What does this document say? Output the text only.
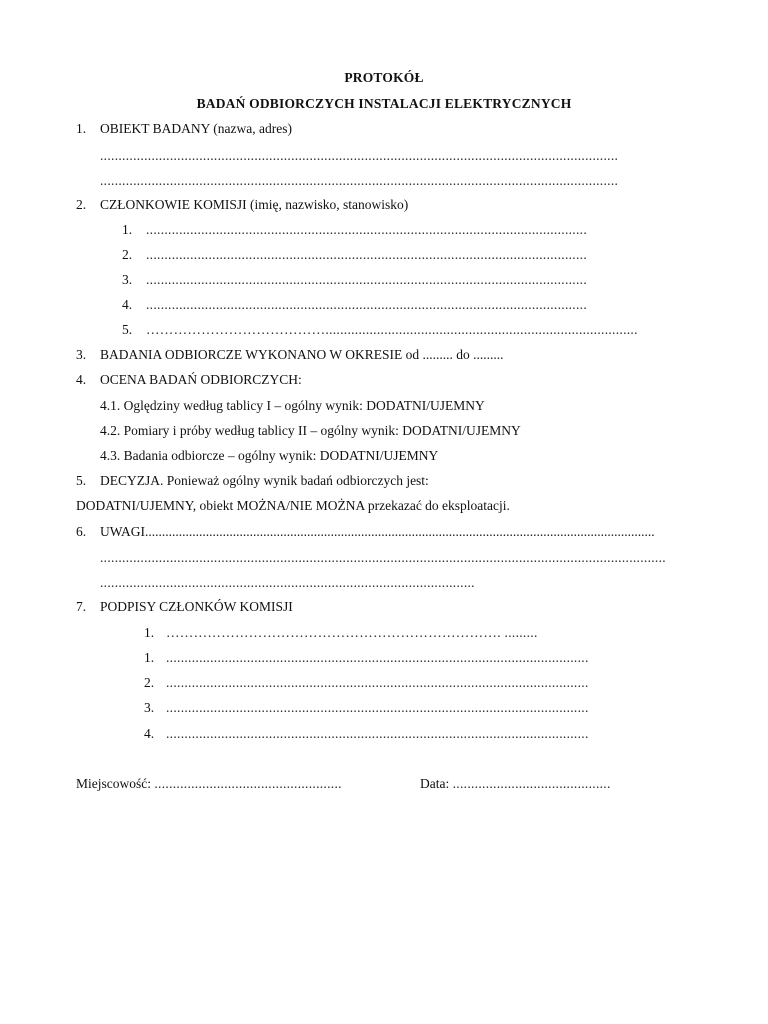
PROTOKÓŁ
BADAŃ ODBIORCZYCH INSTALACJI ELEKTRYCZNYCH
1. OBIEKT BADANY (nazwa, adres)
.............................................................................................................................................
.............................................................................................................................................
2. CZŁONKOWIE KOMISJI (imię, nazwisko, stanowisko)
1. ........................................................................................................................
2. ........................................................................................................................
3. ........................................................................................................................
4. ........................................................................................................................
5. ………………………………….....................................................................................
3. BADANIA ODBIORCZE WYKONANO W OKRESIE od ......... do .........
4. OCENA BADAŃ ODBIORCZYCH:
4.1. Oględziny według tablicy I – ogólny wynik: DODATNI/UJEMNY
4.2. Pomiary i próby według tablicy II – ogólny wynik: DODATNI/UJEMNY
4.3. Badania odbiorcze – ogólny wynik: DODATNI/UJEMNY
5. DECYZJA. Ponieważ ogólny wynik badań odbiorczych jest:
DODATNI/UJEMNY, obiekt MOŻNA/NIE MOŻNA przekazać do eksploatacji.
6. UWAGI.......................................................................................................................................................
..........................................................................................................................................................
......................................................................................................
7. PODPISY CZŁONKÓW KOMISJI
1. ………………………………………………………………. .........
1. ...................................................................................................................
2. ...................................................................................................................
3. ...................................................................................................................
4. ...................................................................................................................
Miejscowość: ...................................................	Data: ...........................................
